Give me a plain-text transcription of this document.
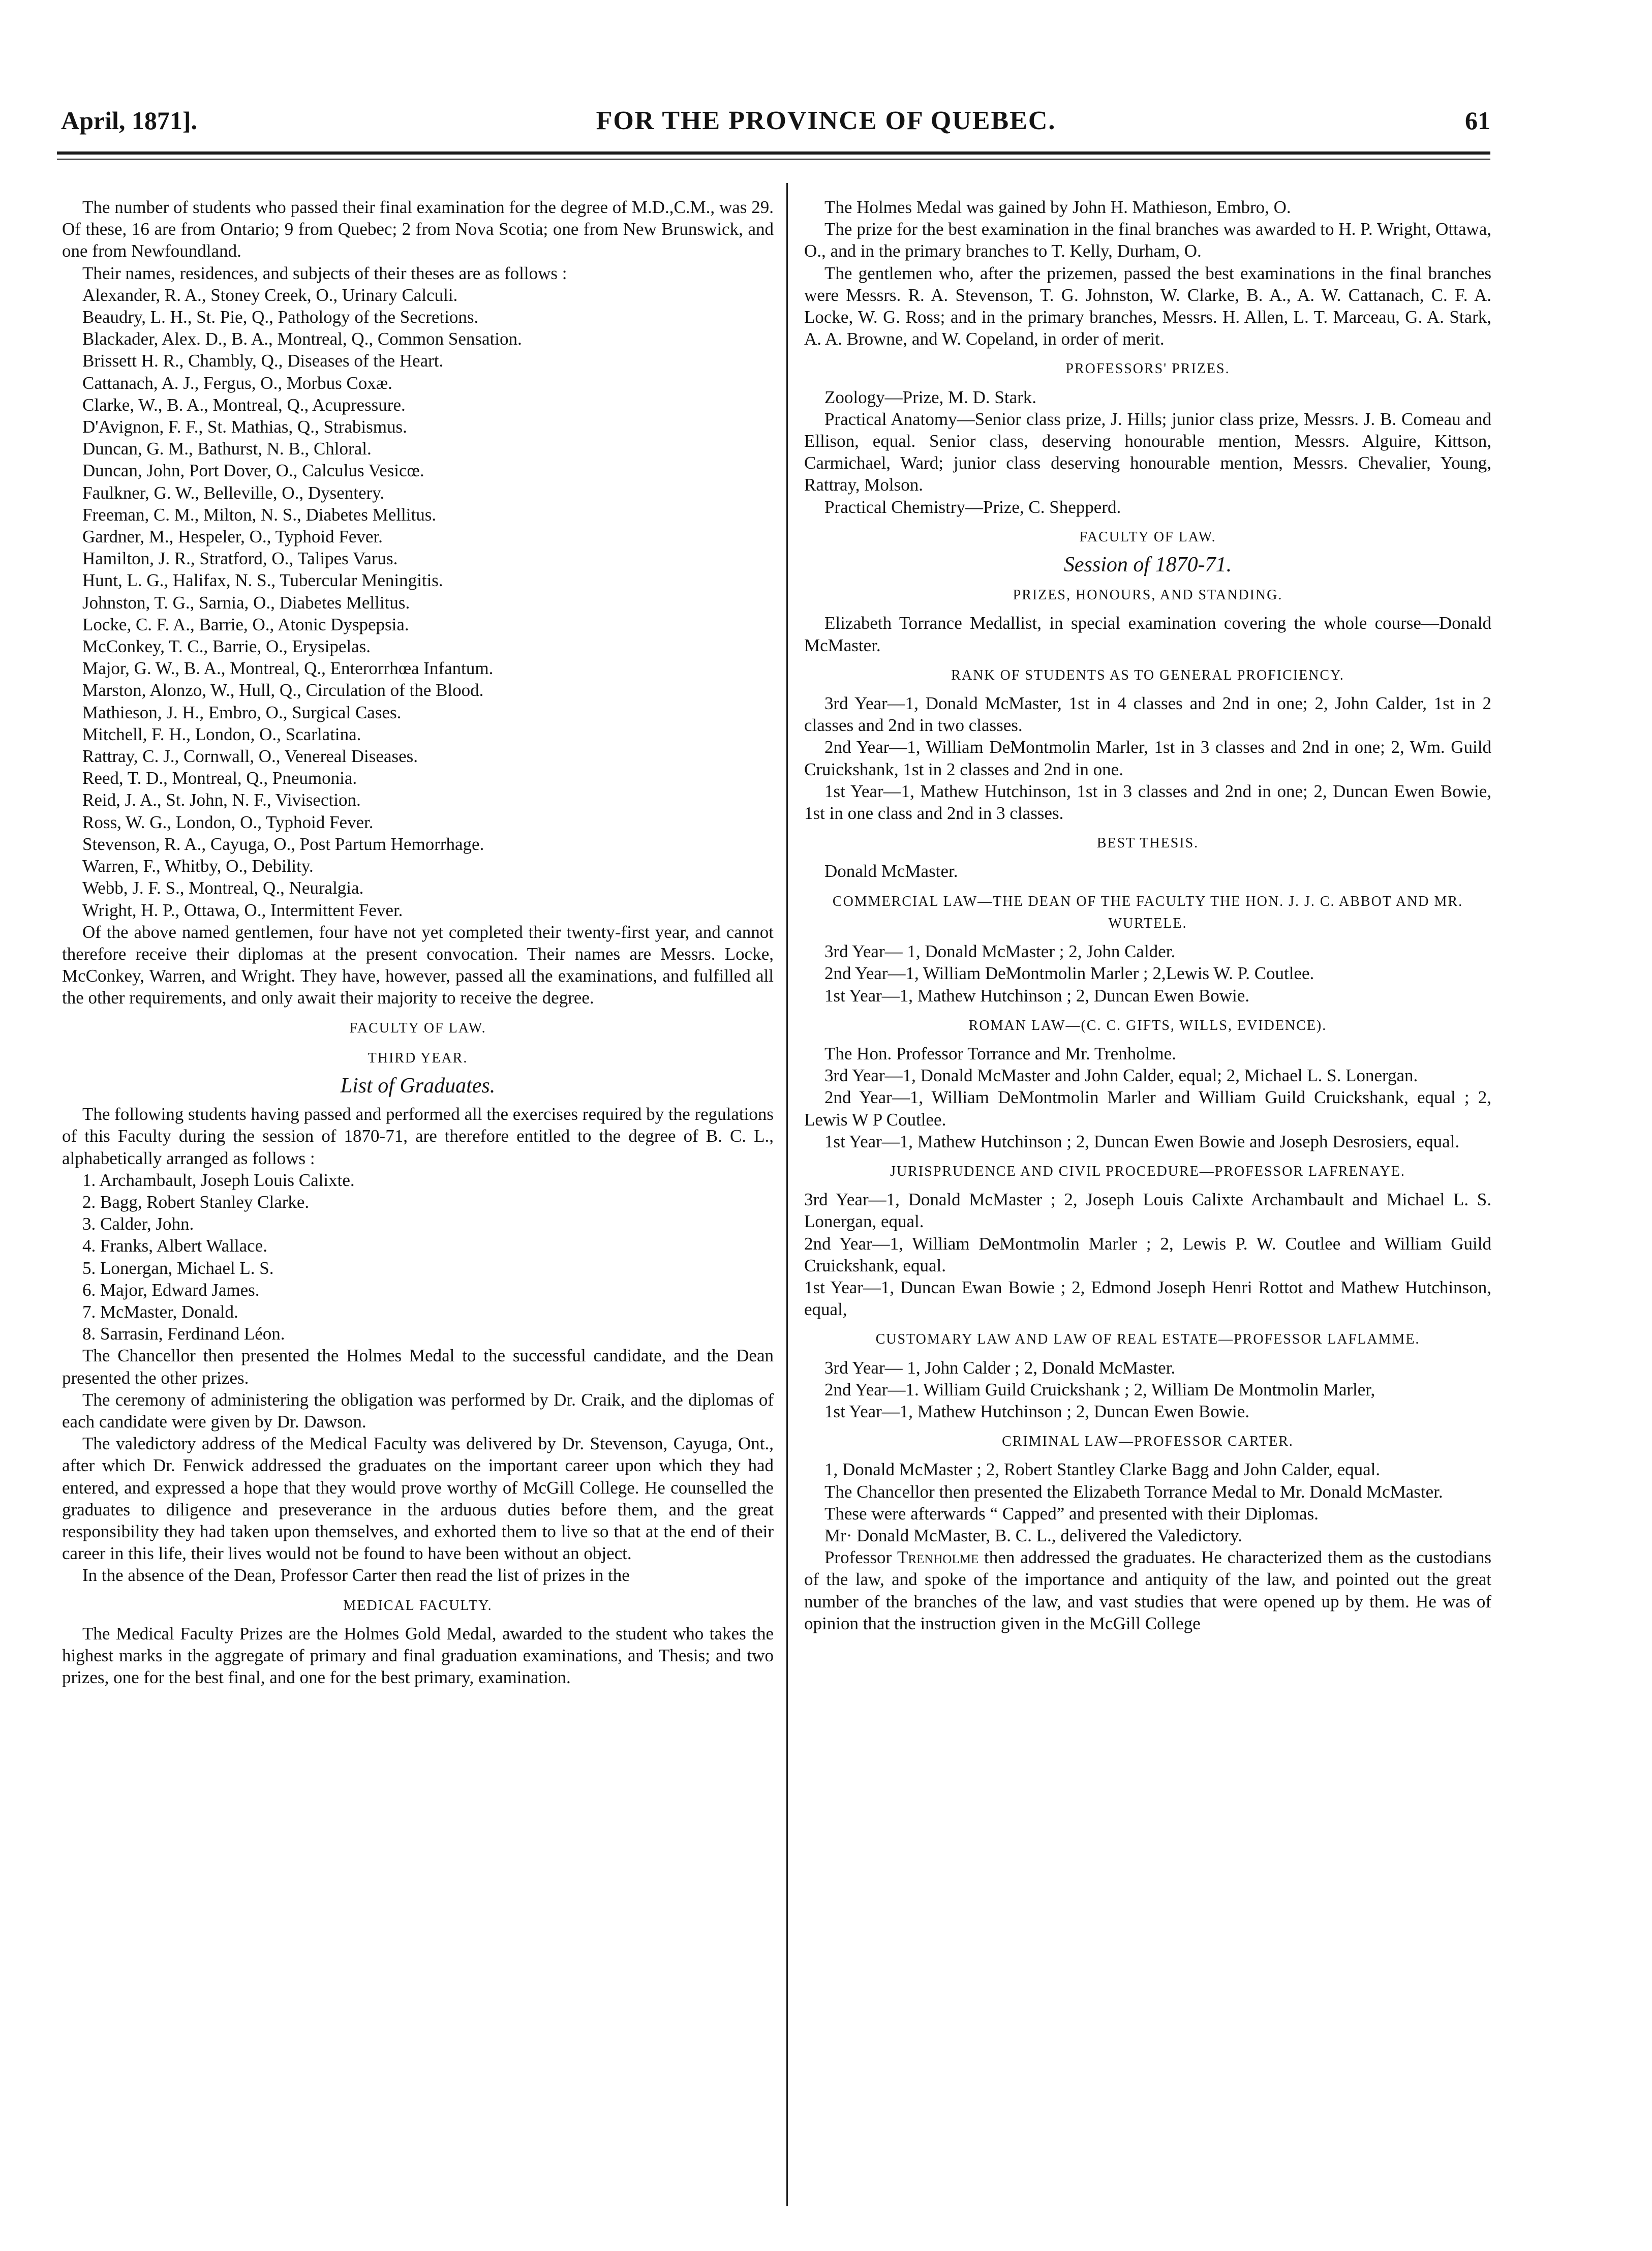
April, 1871].	FOR THE PROVINCE OF QUEBEC.	61

The number of students who passed their final examination for the degree of M.D.,C.M., was 29. Of these, 16 are from Ontario; 9 from Quebec; 2 from Nova Scotia; one from New Brunswick, and one from Newfoundland.

Their names, residences, and subjects of their theses are as follows :

Alexander, R. A., Stoney Creek, O., Urinary Calculi.

Beaudry, L. H., St. Pie, Q., Pathology of the Secretions.

Blackader, Alex. D., B. A., Montreal, Q., Common Sensation.

Brissett H. R., Chambly, Q., Diseases of the Heart.

Cattanach, A. J., Fergus, O., Morbus Coxæ.

Clarke, W., B. A., Montreal, Q., Acupressure.

D'Avignon, F. F., St. Mathias, Q., Strabismus.

Duncan, G. M., Bathurst, N. B., Chloral.

Duncan, John, Port Dover, O., Calculus Vesicœ.

Faulkner, G. W., Belleville, O., Dysentery.

Freeman, C. M., Milton, N. S., Diabetes Mellitus.

Gardner, M., Hespeler, O., Typhoid Fever.

Hamilton, J. R., Stratford, O., Talipes Varus.

Hunt, L. G., Halifax, N. S., Tubercular Meningitis.

Johnston, T. G., Sarnia, O., Diabetes Mellitus.

Locke, C. F. A., Barrie, O., Atonic Dyspepsia.

McConkey, T. C., Barrie, O., Erysipelas.

Major, G. W., B. A., Montreal, Q., Enterorrhœa Infantum.

Marston, Alonzo, W., Hull, Q., Circulation of the Blood.

Mathieson, J. H., Embro, O., Surgical Cases.

Mitchell, F. H., London, O., Scarlatina.

Rattray, C. J., Cornwall, O., Venereal Diseases.

Reed, T. D., Montreal, Q., Pneumonia.

Reid, J. A., St. John, N. F., Vivisection.

Ross, W. G., London, O., Typhoid Fever.

Stevenson, R. A., Cayuga, O., Post Partum Hemorrhage.

Warren, F., Whitby, O., Debility.

Webb, J. F. S., Montreal, Q., Neuralgia.

Wright, H. P., Ottawa, O., Intermittent Fever.

Of the above named gentlemen, four have not yet completed their twenty-first year, and cannot therefore receive their diplomas at the present convocation. Their names are Messrs. Locke, McConkey, Warren, and Wright. They have, however, passed all the examinations, and fulfilled all the other requirements, and only await their majority to receive the degree.

FACULTY OF LAW.
THIRD YEAR.
List of Graduates.

The following students having passed and performed all the exercises required by the regulations of this Faculty during the session of 1870-71, are therefore entitled to the degree of B. C. L., alphabetically arranged as follows :

1. Archambault, Joseph Louis Calixte.

2. Bagg, Robert Stanley Clarke.

3. Calder, John.

4. Franks, Albert Wallace.

5. Lonergan, Michael L. S.

6. Major, Edward James.

7. McMaster, Donald.

8. Sarrasin, Ferdinand Léon.

The Chancellor then presented the Holmes Medal to the successful candidate, and the Dean presented the other prizes.

The ceremony of administering the obligation was performed by Dr. Craik, and the diplomas of each candidate were given by Dr. Dawson.

The valedictory address of the Medical Faculty was delivered by Dr. Stevenson, Cayuga, Ont., after which Dr. Fenwick addressed the graduates on the important career upon which they had entered, and expressed a hope that they would prove worthy of McGill College. He counselled the graduates to diligence and preseverance in the arduous duties before them, and the great responsibility they had taken upon themselves, and exhorted them to live so that at the end of their career in this life, their lives would not be found to have been without an object.

In the absence of the Dean, Professor Carter then read the list of prizes in the

MEDICAL FACULTY.

The Medical Faculty Prizes are the Holmes Gold Medal, awarded to the student who takes the highest marks in the aggregate of primary and final graduation examinations, and Thesis; and two prizes, one for the best final, and one for the best primary, examination.

The Holmes Medal was gained by John H. Mathieson, Embro, O.

The prize for the best examination in the final branches was awarded to H. P. Wright, Ottawa, O., and in the primary branches to T. Kelly, Durham, O.

The gentlemen who, after the prizemen, passed the best examinations in the final branches were Messrs. R. A. Stevenson, T. G. Johnston, W. Clarke, B. A., A. W. Cattanach, C. F. A. Locke, W. G. Ross; and in the primary branches, Messrs. H. Allen, L. T. Marceau, G. A. Stark, A. A. Browne, and W. Copeland, in order of merit.

PROFESSORS' PRIZES.

Zoology—Prize, M. D. Stark.

Practical Anatomy—Senior class prize, J. Hills; junior class prize, Messrs. J. B. Comeau and Ellison, equal. Senior class, deserving honourable mention, Messrs. Alguire, Kittson, Carmichael, Ward; junior class deserving honourable mention, Messrs. Chevalier, Young, Rattray, Molson.

Practical Chemistry—Prize, C. Shepperd.

FACULTY OF LAW.
Session of 1870-71.
PRIZES, HONOURS, AND STANDING.

Elizabeth Torrance Medallist, in special examination covering the whole course—Donald McMaster.

RANK OF STUDENTS AS TO GENERAL PROFICIENCY.

3rd Year—1, Donald McMaster, 1st in 4 classes and 2nd in one; 2, John Calder, 1st in 2 classes and 2nd in two classes.

2nd Year—1, William DeMontmolin Marler, 1st in 3 classes and 2nd in one; 2, Wm. Guild Cruickshank, 1st in 2 classes and 2nd in one.

1st Year—1, Mathew Hutchinson, 1st in 3 classes and 2nd in one; 2, Duncan Ewen Bowie, 1st in one class and 2nd in 3 classes.

BEST THESIS.

Donald McMaster.

COMMERCIAL LAW—THE DEAN OF THE FACULTY THE HON. J. J. C. ABBOT AND MR. WURTELE.

3rd Year— 1, Donald McMaster ; 2, John Calder.

2nd Year—1, William DeMontmolin Marler ; 2,Lewis W. P. Coutlee.

1st Year—1, Mathew Hutchinson ; 2, Duncan Ewen Bowie.

ROMAN LAW—(C. C. GIFTS, WILLS, EVIDENCE).

The Hon. Professor Torrance and Mr. Trenholme.

3rd Year—1, Donald McMaster and John Calder, equal; 2, Michael L. S. Lonergan.

2nd Year—1, William DeMontmolin Marler and William Guild Cruickshank, equal ; 2, Lewis W P Coutlee.

1st Year—1, Mathew Hutchinson ; 2, Duncan Ewen Bowie and Joseph Desrosiers, equal.

JURISPRUDENCE AND CIVIL PROCEDURE—PROFESSOR LAFRENAYE.

3rd Year—1, Donald McMaster ; 2, Joseph Louis Calixte Archambault and Michael L. S. Lonergan, equal.

2nd Year—1, William DeMontmolin Marler ; 2, Lewis P. W. Coutlee and William Guild Cruickshank, equal.

1st Year—1, Duncan Ewan Bowie ; 2, Edmond Joseph Henri Rottot and Mathew Hutchinson, equal,

CUSTOMARY LAW AND LAW OF REAL ESTATE—PROFESSOR LAFLAMME.

3rd Year— 1, John Calder ; 2, Donald McMaster.

2nd Year—1. William Guild Cruickshank ; 2, William De Montmolin Marler,

1st Year—1, Mathew Hutchinson ; 2, Duncan Ewen Bowie.

CRIMINAL LAW—PROFESSOR CARTER.

1, Donald McMaster ; 2, Robert Stantley Clarke Bagg and John Calder, equal.

The Chancellor then presented the Elizabeth Torrance Medal to Mr. Donald McMaster.

These were afterwards “ Capped” and presented with their Diplomas.

Mr· Donald McMaster, B. C. L., delivered the Valedictory.

Professor Trenholme then addressed the graduates. He characterized them as the custodians of the law, and spoke of the importance and antiquity of the law, and pointed out the great number of the branches of the law, and vast studies that were opened up by them. He was of opinion that the instruction given in the McGill College
